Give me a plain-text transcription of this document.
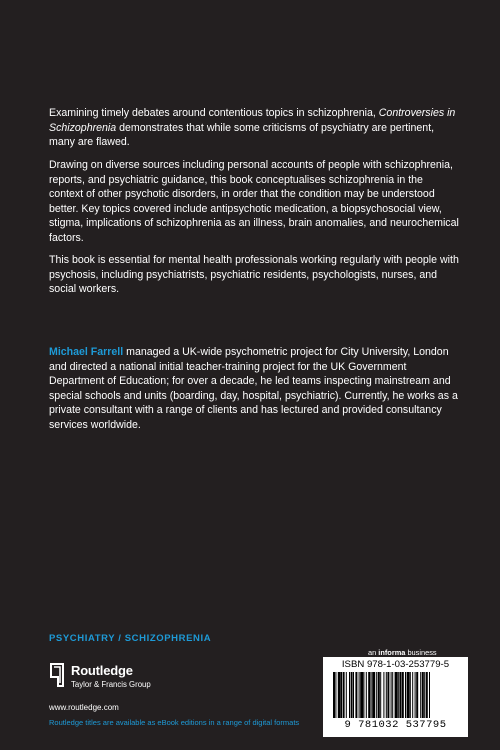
Examining timely debates around contentious topics in schizophrenia, Controversies in Schizophrenia demonstrates that while some criticisms of psychiatry are pertinent, many are flawed.

Drawing on diverse sources including personal accounts of people with schizophrenia, reports, and psychiatric guidance, this book conceptualises schizophrenia in the context of other psychotic disorders, in order that the condition may be understood better. Key topics covered include antipsychotic medication, a biopsychosocial view, stigma, implications of schizophrenia as an illness, brain anomalies, and neurochemical factors.

This book is essential for mental health professionals working regularly with people with psychosis, including psychiatrists, psychiatric residents, psychologists, nurses, and social workers.

Michael Farrell managed a UK-wide psychometric project for City University, London and directed a national initial teacher-training project for the UK Government Department of Education; for over a decade, he led teams inspecting mainstream and special schools and units (boarding, day, hospital, psychiatric). Currently, he works as a private consultant with a range of clients and has lectured and provided consultancy services worldwide.

PSYCHIATRY / SCHIZOPHRENIA
an informa business
Routledge
Taylor & Francis Group
www.routledge.com
Routledge titles are available as eBook editions in a range of digital formats
ISBN 978-1-03-253779-5
9 781032 537795
